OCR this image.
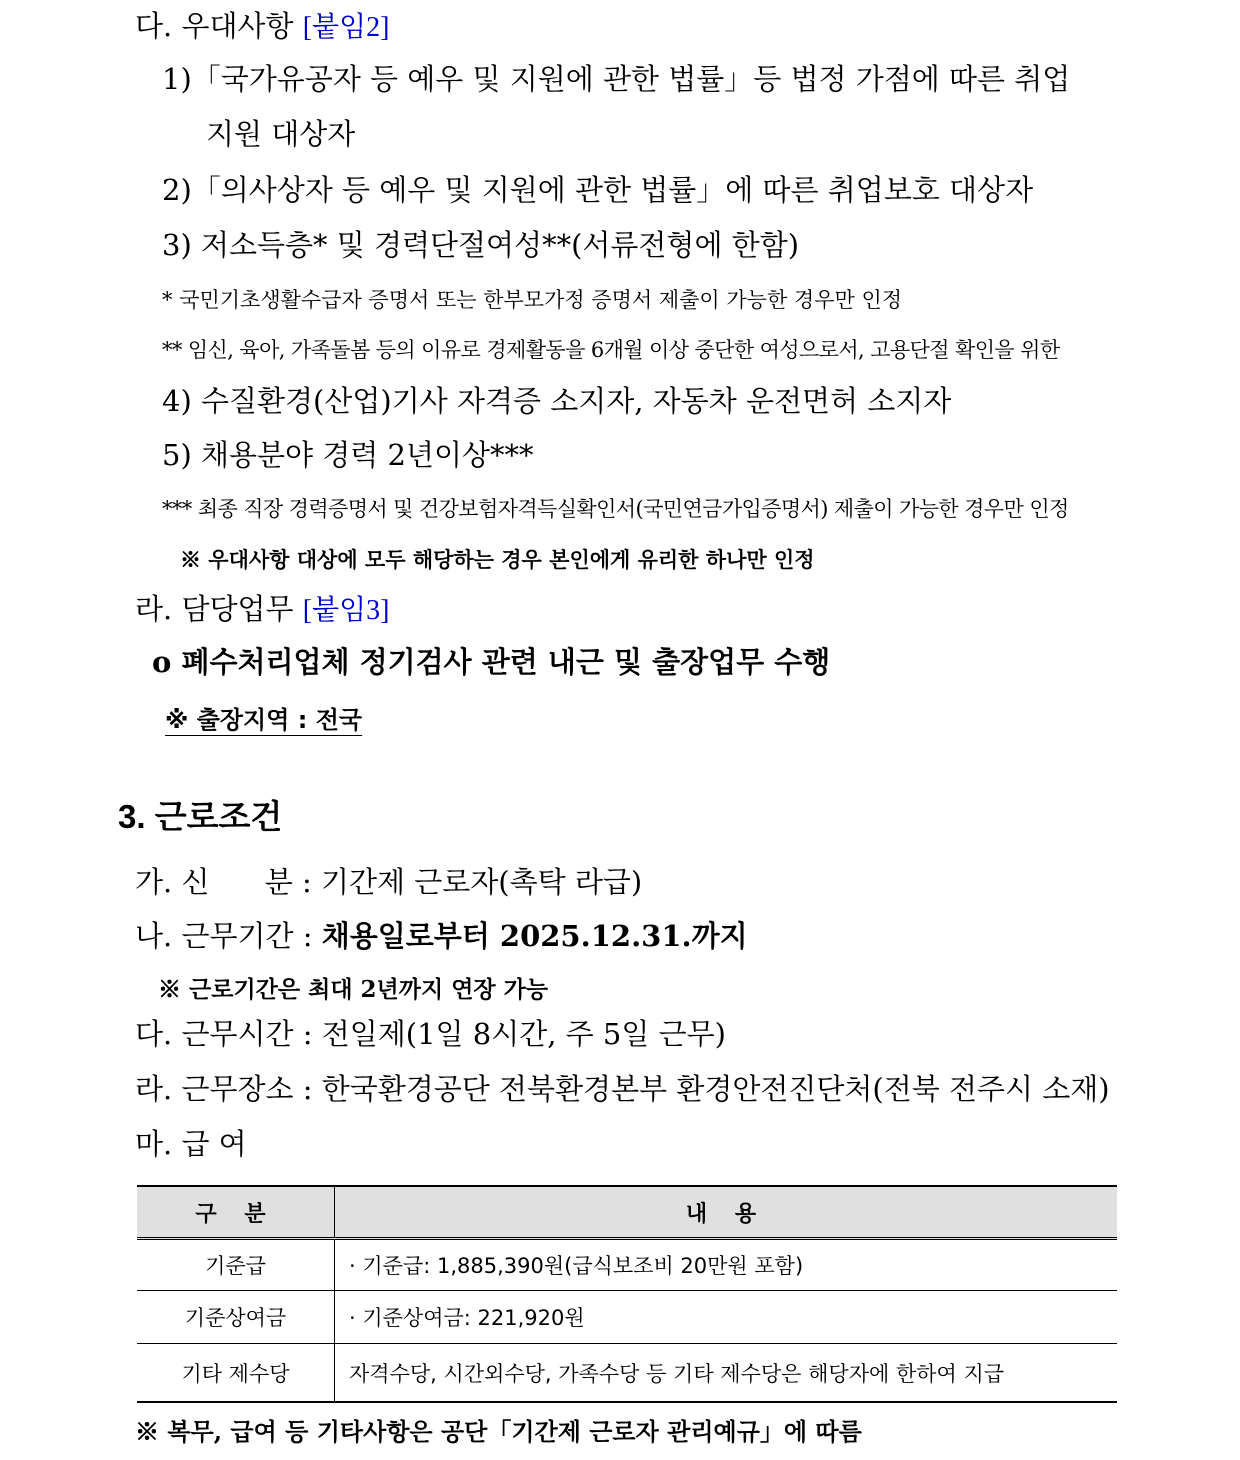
다. 우대사항 [붙임2]
1)「국가유공자 등 예우 및 지원에 관한 법률」등 법정 가점에 따른 취업
지원 대상자
2)「의사상자 등 예우 및 지원에 관한 법률」에 따른 취업보호 대상자
3) 저소득층* 및 경력단절여성**(서류전형에 한함)
* 국민기초생활수급자 증명서 또는 한부모가정 증명서 제출이 가능한 경우만 인정
** 임신, 육아, 가족돌봄 등의 이유로 경제활동을 6개월 이상 중단한 여성으로서, 고용단절 확인을 위한
4) 수질환경(산업)기사 자격증 소지자, 자동차 운전면허 소지자
5) 채용분야 경력 2년이상***
*** 최종 직장 경력증명서 및 건강보험자격득실확인서(국민연금가입증명서) 제출이 가능한 경우만 인정
※ 우대사항 대상에 모두 해당하는 경우 본인에게 유리한 하나만 인정
라. 담당업무 [붙임3]
o 폐수처리업체 정기검사 관련 내근 및 출장업무 수행
※ 출장지역 : 전국
3. 근로조건
가. 신      분 : 기간제 근로자(촉탁 라급)
나. 근무기간 : 채용일로부터 2025.12.31.까지
※ 근로기간은 최대 2년까지 연장 가능
다. 근무시간 : 전일제(1일 8시간, 주 5일 근무)
라. 근무장소 : 한국환경공단 전북환경본부 환경안전진단처(전북 전주시 소재)
마. 급 여
구 분	내 용
기준급	· 기준급: 1,885,390원(급식보조비 20만원 포함)
기준상여금	· 기준상여금: 221,920원
기타 제수당	자격수당, 시간외수당, 가족수당 등 기타 제수당은 해당자에 한하여 지급
※ 복무, 급여 등 기타사항은 공단「기간제 근로자 관리예규」에 따름
